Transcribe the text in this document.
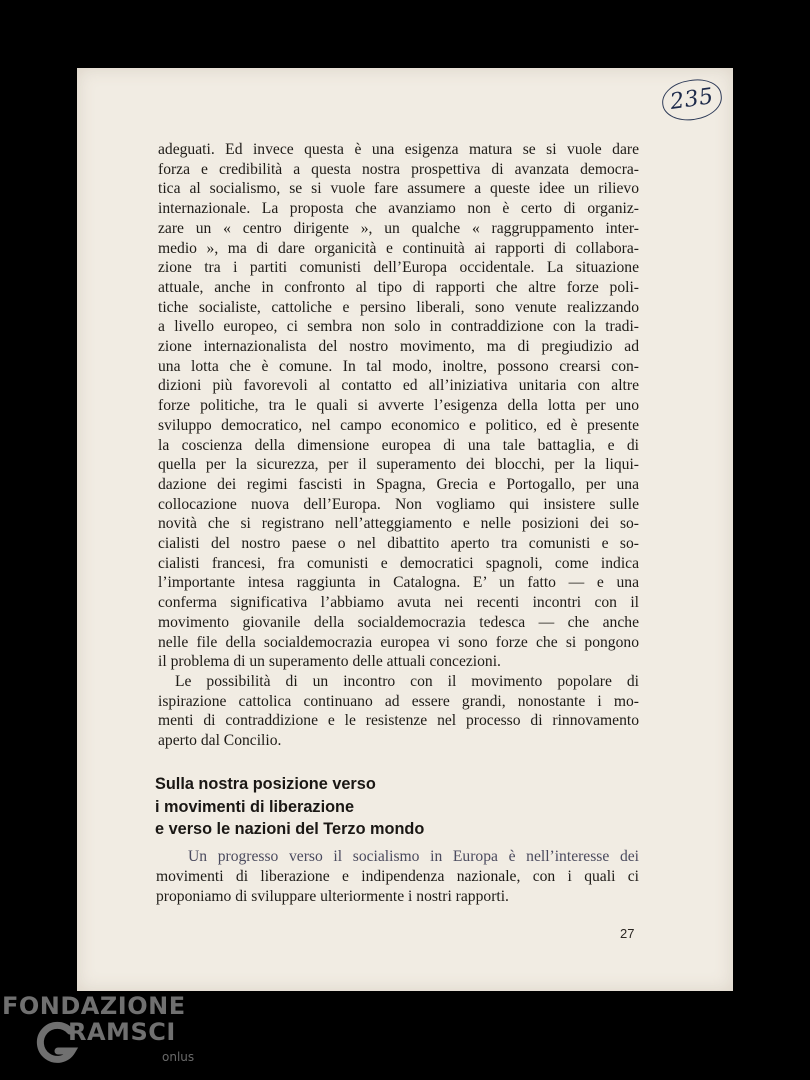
235
adeguati. Ed invece questa è una esigenza matura se si vuole dare
forza e credibilità a questa nostra prospettiva di avanzata democra-
tica al socialismo, se si vuole fare assumere a queste idee un rilievo
internazionale. La proposta che avanziamo non è certo di organiz-
zare un « centro dirigente », un qualche « raggruppamento inter-
medio », ma di dare organicità e continuità ai rapporti di collabora-
zione tra i partiti comunisti dell’Europa occidentale. La situazione
attuale, anche in confronto al tipo di rapporti che altre forze poli-
tiche socialiste, cattoliche e persino liberali, sono venute realizzando
a livello europeo, ci sembra non solo in contraddizione con la tradi-
zione internazionalista del nostro movimento, ma di pregiudizio ad
una lotta che è comune. In tal modo, inoltre, possono crearsi con-
dizioni più favorevoli al contatto ed all’iniziativa unitaria con altre
forze politiche, tra le quali si avverte l’esigenza della lotta per uno
sviluppo democratico, nel campo economico e politico, ed è presente
la coscienza della dimensione europea di una tale battaglia, e di
quella per la sicurezza, per il superamento dei blocchi, per la liqui-
dazione dei regimi fascisti in Spagna, Grecia e Portogallo, per una
collocazione nuova dell’Europa. Non vogliamo qui insistere sulle
novità che si registrano nell’atteggiamento e nelle posizioni dei so-
cialisti del nostro paese o nel dibattito aperto tra comunisti e so-
cialisti francesi, fra comunisti e democratici spagnoli, come indica
l’importante intesa raggiunta in Catalogna. E’ un fatto — e una
conferma significativa l’abbiamo avuta nei recenti incontri con il
movimento giovanile della socialdemocrazia tedesca — che anche
nelle file della socialdemocrazia europea vi sono forze che si pongono
il problema di un superamento delle attuali concezioni.
Le possibilità di un incontro con il movimento popolare di
ispirazione cattolica continuano ad essere grandi, nonostante i mo-
menti di contraddizione e le resistenze nel processo di rinnovamento
aperto dal Concilio.
Sulla nostra posizione verso
i movimenti di liberazione
e verso le nazioni del Terzo mondo
Un progresso verso il socialismo in Europa è nell’interesse dei
movimenti di liberazione e indipendenza nazionale, con i quali ci
proponiamo di sviluppare ulteriormente i nostri rapporti.
27
FONDAZIONE
RAMSCI
onlus
